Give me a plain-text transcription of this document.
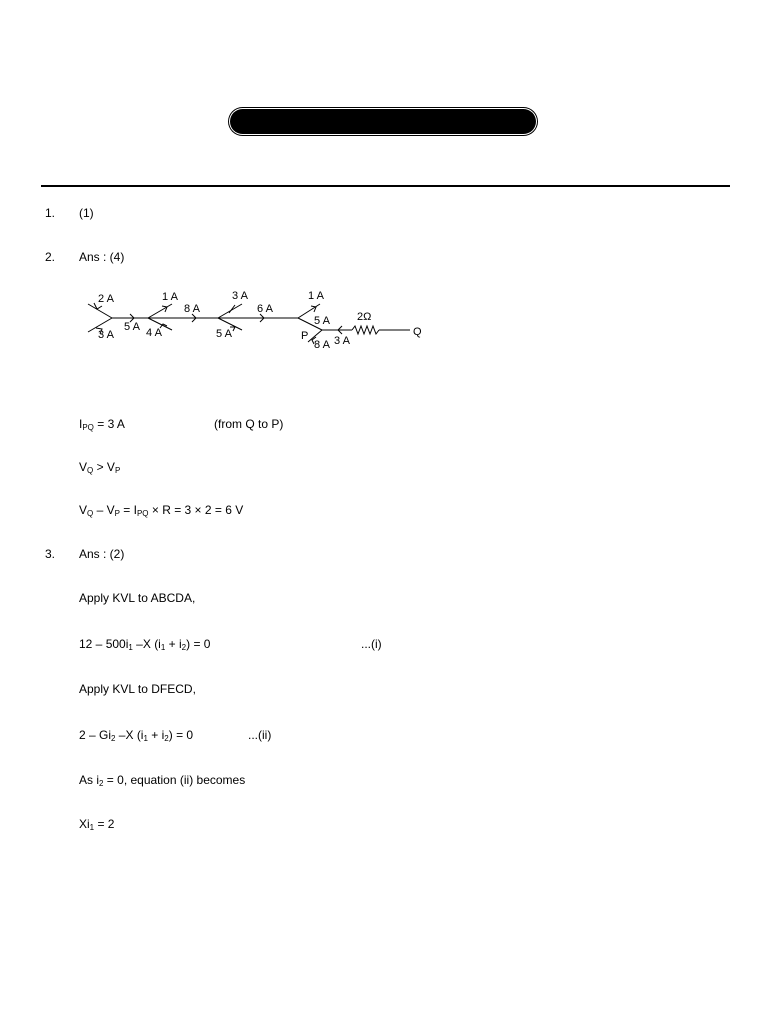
1. (1)
2. Ans : (4)
2 A
3 A
5 A
1 A
4 A
8 A
3 A
5 A
6 A
1 A
5 A 2Ω
P
8 A 3 A
Q
$I_{PQ} = 3$ A	(from Q to P)
$V_Q > V_P$
$V_Q - V_P = I_{PQ} \times R = 3 \times 2 = 6$ V
3. Ans : (2)
Apply KVL to ABCDA,
$12 - 500i_1$ –X $(i_1 + i_2) = 0$	...(i)
Apply KVL to DFECD,
$2 - Gi_2$ –X $(i_1 + i_2) = 0$	...(ii)
As $i_2 = 0$, equation (ii) becomes
$Xi_1 = 2$
